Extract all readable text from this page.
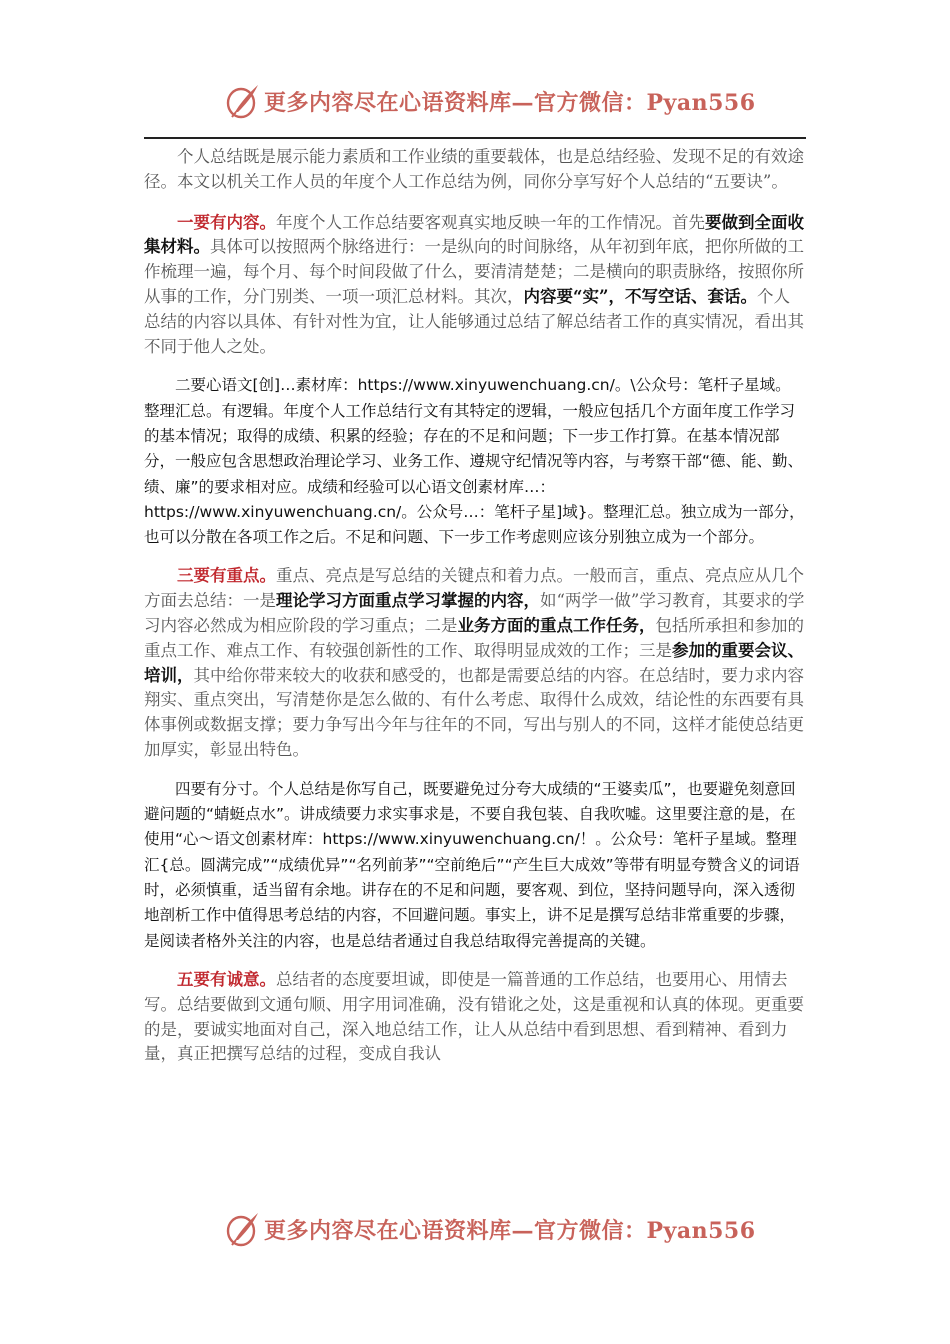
更多内容尽在心语资料库—官方微信：Pyan556

个人总结既是展示能力素质和工作业绩的重要载体，也是总结经验、发现不足的有效途径。本文以机关工作人员的年度个人工作总结为例，同你分享写好个人总结的“五要诀”。

一要有内容。年度个人工作总结要客观真实地反映一年的工作情况。首先要做到全面收集材料。具体可以按照两个脉络进行：一是纵向的时间脉络，从年初到年底，把你所做的工作梳理一遍，每个月、每个时间段做了什么，要清清楚楚；二是横向的职责脉络，按照你所从事的工作，分门别类、一项一项汇总材料。其次，内容要“实”，不写空话、套话。个人总结的内容以具体、有针对性为宜，让人能够通过总结了解总结者工作的真实情况，看出其不同于他人之处。

二要心语文[创]…素材库：https://www.xinyuwenchuang.cn/。\公众号：笔杆子星域。整理汇总。有逻辑。年度个人工作总结行文有其特定的逻辑，一般应包括几个方面年度工作学习的基本情况；取得的成绩、积累的经验；存在的不足和问题；下一步工作打算。在基本情况部分，一般应包含思想政治理论学习、业务工作、遵规守纪情况等内容，与考察干部“德、能、勤、绩、廉”的要求相对应。成绩和经验可以心语文创素材库…：https://www.xinyuwenchuang.cn/。公众号…：笔杆子星]域}。整理汇总。独立成为一部分，也可以分散在各项工作之后。不足和问题、下一步工作考虑则应该分别独立成为一个部分。

三要有重点。重点、亮点是写总结的关键点和着力点。一般而言，重点、亮点应从几个方面去总结：一是理论学习方面重点学习掌握的内容，如“两学一做”学习教育，其要求的学习内容必然成为相应阶段的学习重点；二是业务方面的重点工作任务，包括所承担和参加的重点工作、难点工作、有较强创新性的工作、取得明显成效的工作；三是参加的重要会议、培训，其中给你带来较大的收获和感受的，也都是需要总结的内容。在总结时，要力求内容翔实、重点突出，写清楚你是怎么做的、有什么考虑、取得什么成效，结论性的东西要有具体事例或数据支撑；要力争写出今年与往年的不同，写出与别人的不同，这样才能使总结更加厚实，彰显出特色。

四要有分寸。个人总结是你写自己，既要避免过分夸大成绩的“王婆卖瓜”，也要避免刻意回避问题的“蜻蜓点水”。讲成绩要力求实事求是，不要自我包装、自我吹嘘。这里要注意的是，在使用“心～语文创素材库：https://www.xinyuwenchuang.cn/！。公众号：笔杆子星域。整理汇{总。圆满完成”“成绩优异”“名列前茅”“空前绝后”“产生巨大成效”等带有明显夸赞含义的词语时，必须慎重，适当留有余地。讲存在的不足和问题，要客观、到位，坚持问题导向，深入透彻地剖析工作中值得思考总结的内容，不回避问题。事实上，讲不足是撰写总结非常重要的步骤，是阅读者格外关注的内容，也是总结者通过自我总结取得完善提高的关键。

五要有诚意。总结者的态度要坦诚，即使是一篇普通的工作总结，也要用心、用情去写。总结要做到文通句顺、用字用词准确，没有错讹之处，这是重视和认真的体现。更重要的是，要诚实地面对自己，深入地总结工作，让人从总结中看到思想、看到精神、看到力量，真正把撰写总结的过程，变成自我认

更多内容尽在心语资料库—官方微信：Pyan556
